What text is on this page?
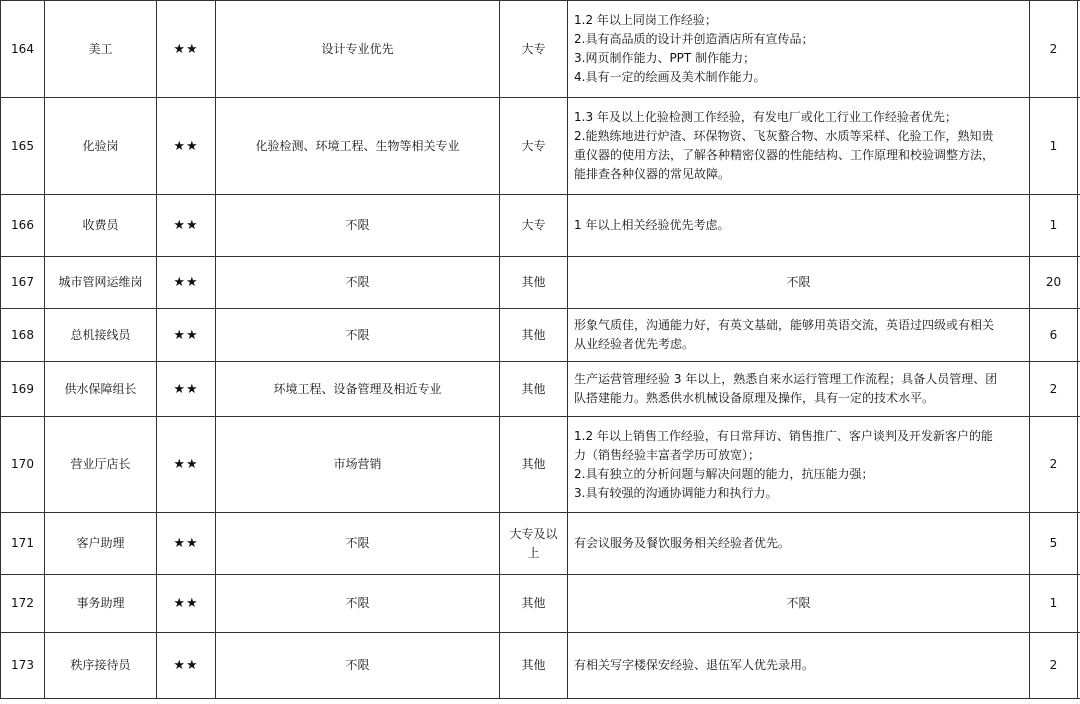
164	美工	★★	设计专业优先	大专	1.2 年以上同岗工作经验；
2.具有高品质的设计并创造酒店所有宣传品；
3.网页制作能力、PPT 制作能力；
4.具有一定的绘画及美术制作能力。	2	
165	化验岗	★★	化验检测、环境工程、生物等相关专业	大专	1.3 年及以上化验检测工作经验，有发电厂或化工行业工作经验者优先；
2.能熟练地进行炉渣、环保物资、飞灰螯合物、水质等采样、化验工作，熟知贵
重仪器的使用方法，了解各种精密仪器的性能结构、工作原理和校验调整方法，
能排查各种仪器的常见故障。	1	
166	收费员	★★	不限	大专	1 年以上相关经验优先考虑。	1	
167	城市管网运维岗	★★	不限	其他	不限	20	
168	总机接线员	★★	不限	其他	形象气质佳，沟通能力好，有英文基础，能够用英语交流，英语过四级或有相关
从业经验者优先考虑。	6	
169	供水保障组长	★★	环境工程、设备管理及相近专业	其他	生产运营管理经验 3 年以上，熟悉自来水运行管理工作流程；具备人员管理、团
队搭建能力。熟悉供水机械设备原理及操作，具有一定的技术水平。	2	
170	营业厅店长	★★	市场营销	其他	1.2 年以上销售工作经验，有日常拜访、销售推广、客户谈判及开发新客户的能
力（销售经验丰富者学历可放宽）；
2.具有独立的分析问题与解决问题的能力，抗压能力强；
3.具有较强的沟通协调能力和执行力。	2	
171	客户助理	★★	不限	大专及以上	有会议服务及餐饮服务相关经验者优先。	5	
172	事务助理	★★	不限	其他	不限	1	
173	秩序接待员	★★	不限	其他	有相关写字楼保安经验、退伍军人优先录用。	2	
